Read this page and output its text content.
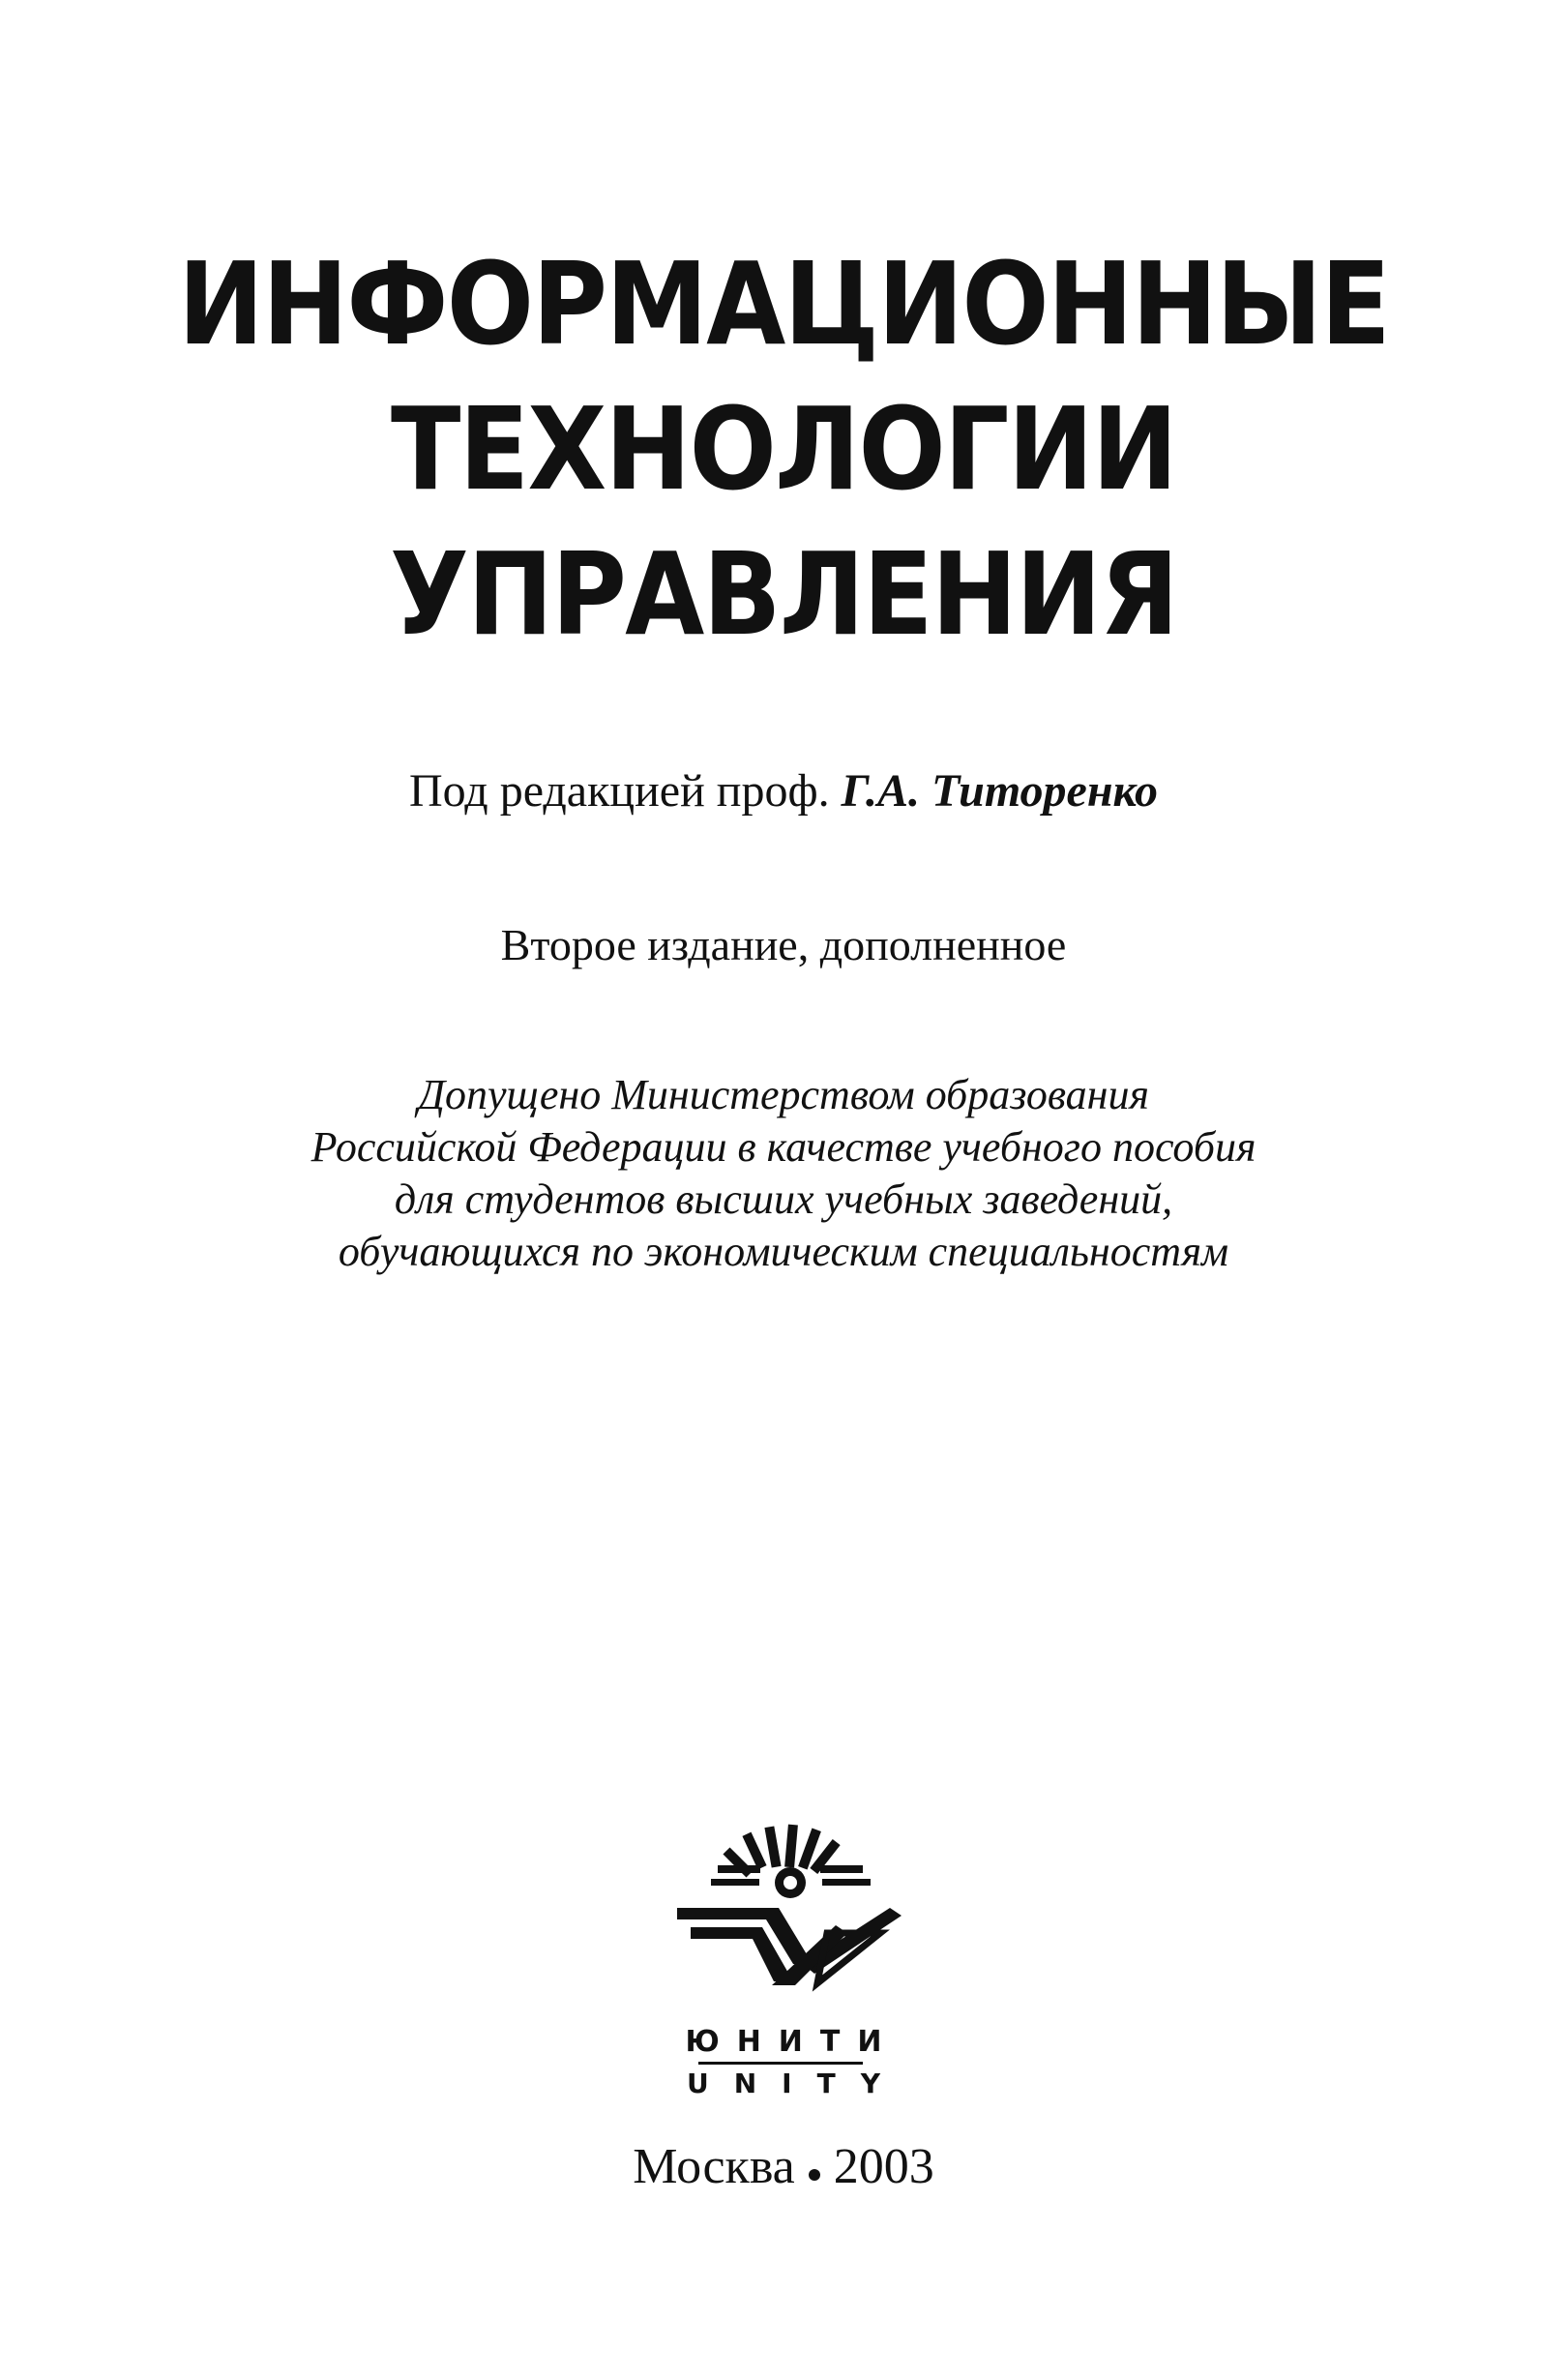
ИНФОРМАЦИОННЫЕ
ТЕХНОЛОГИИ
УПРАВЛЕНИЯ
Под редакцией проф. Г.А. Титоренко
Второе издание, дополненное
Допущено Министерством образования
Российской Федерации в качестве учебного пособия
для студентов высших учебных заведений,
обучающихся по экономическим специальностям
ЮНИТИ
UNITY
Москва 2003
